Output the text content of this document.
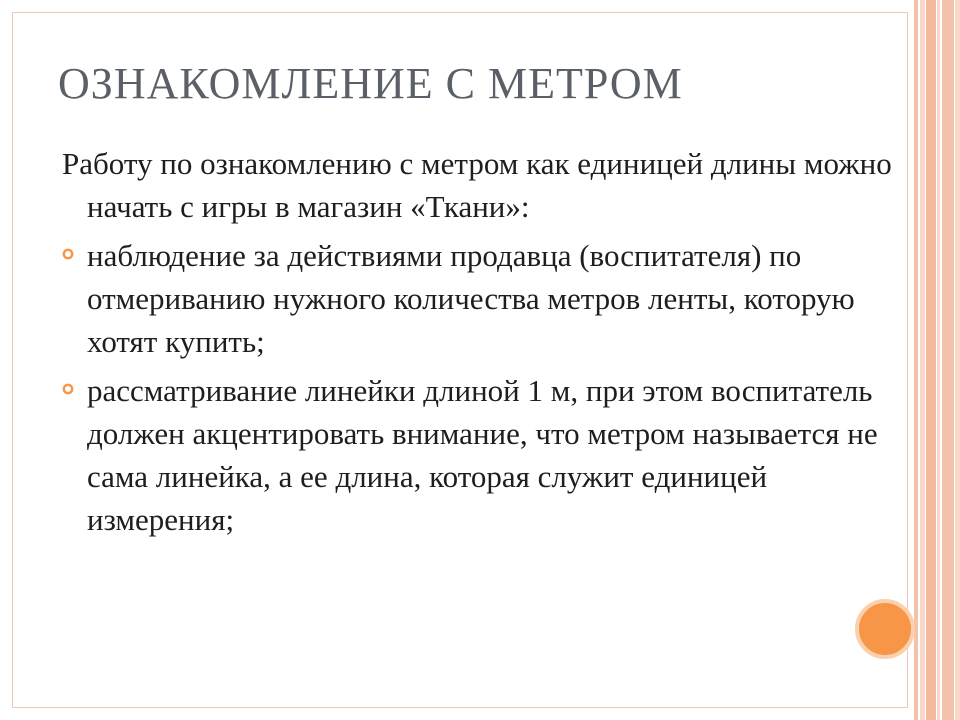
ОЗНАКОМЛЕНИЕ С МЕТРОМ

Работу по ознакомлению с метром как единицей длины можно начать с игры в магазин «Ткани»:

наблюдение за действиями продавца (воспитателя) по отмериванию нужного количества метров ленты, которую хотят купить;
рассматривание линейки длиной 1 м, при этом воспитатель должен акцентировать внимание, что метром называется не сама линейка, а ее длина, которая служит единицей измерения;
